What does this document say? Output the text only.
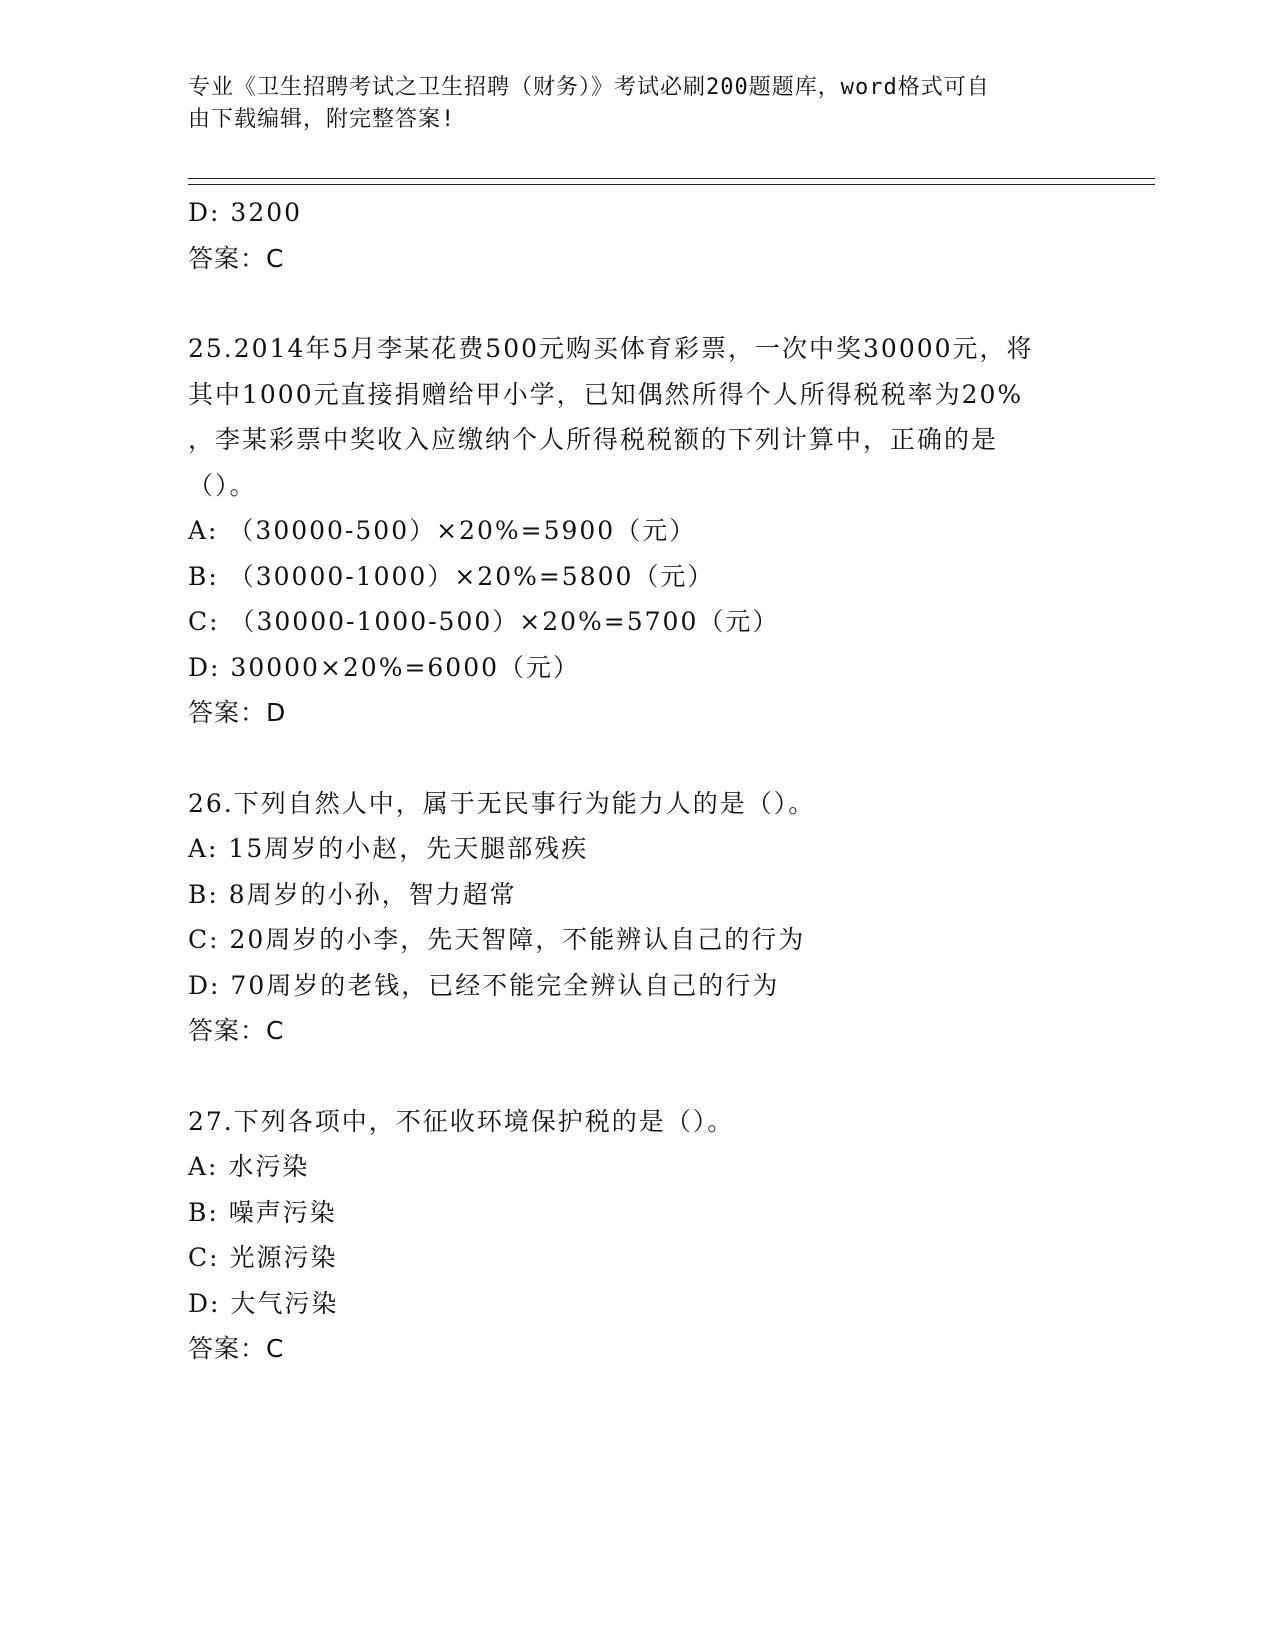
专业《卫生招聘考试之卫生招聘（财务）》考试必刷200题题库，word格式可自
由下载编辑，附完整答案!
D: 3200
答案：C
25.2014年5月李某花费500元购买体育彩票，一次中奖30000元，将
其中1000元直接捐赠给甲小学，已知偶然所得个人所得税税率为20%
，李某彩票中奖收入应缴纳个人所得税税额的下列计算中，正确的是
（）。
A: （30000-500）×20%=5900（元）
B: （30000-1000）×20%=5800（元）
C: （30000-1000-500）×20%=5700（元）
D: 30000×20%=6000（元）
答案：D
26.下列自然人中，属于无民事行为能力人的是（）。
A: 15周岁的小赵，先天腿部残疾
B: 8周岁的小孙，智力超常
C: 20周岁的小李，先天智障，不能辨认自己的行为
D: 70周岁的老钱，已经不能完全辨认自己的行为
答案：C
27.下列各项中，不征收环境保护税的是（）。
A: 水污染
B: 噪声污染
C: 光源污染
D: 大气污染
答案：C
